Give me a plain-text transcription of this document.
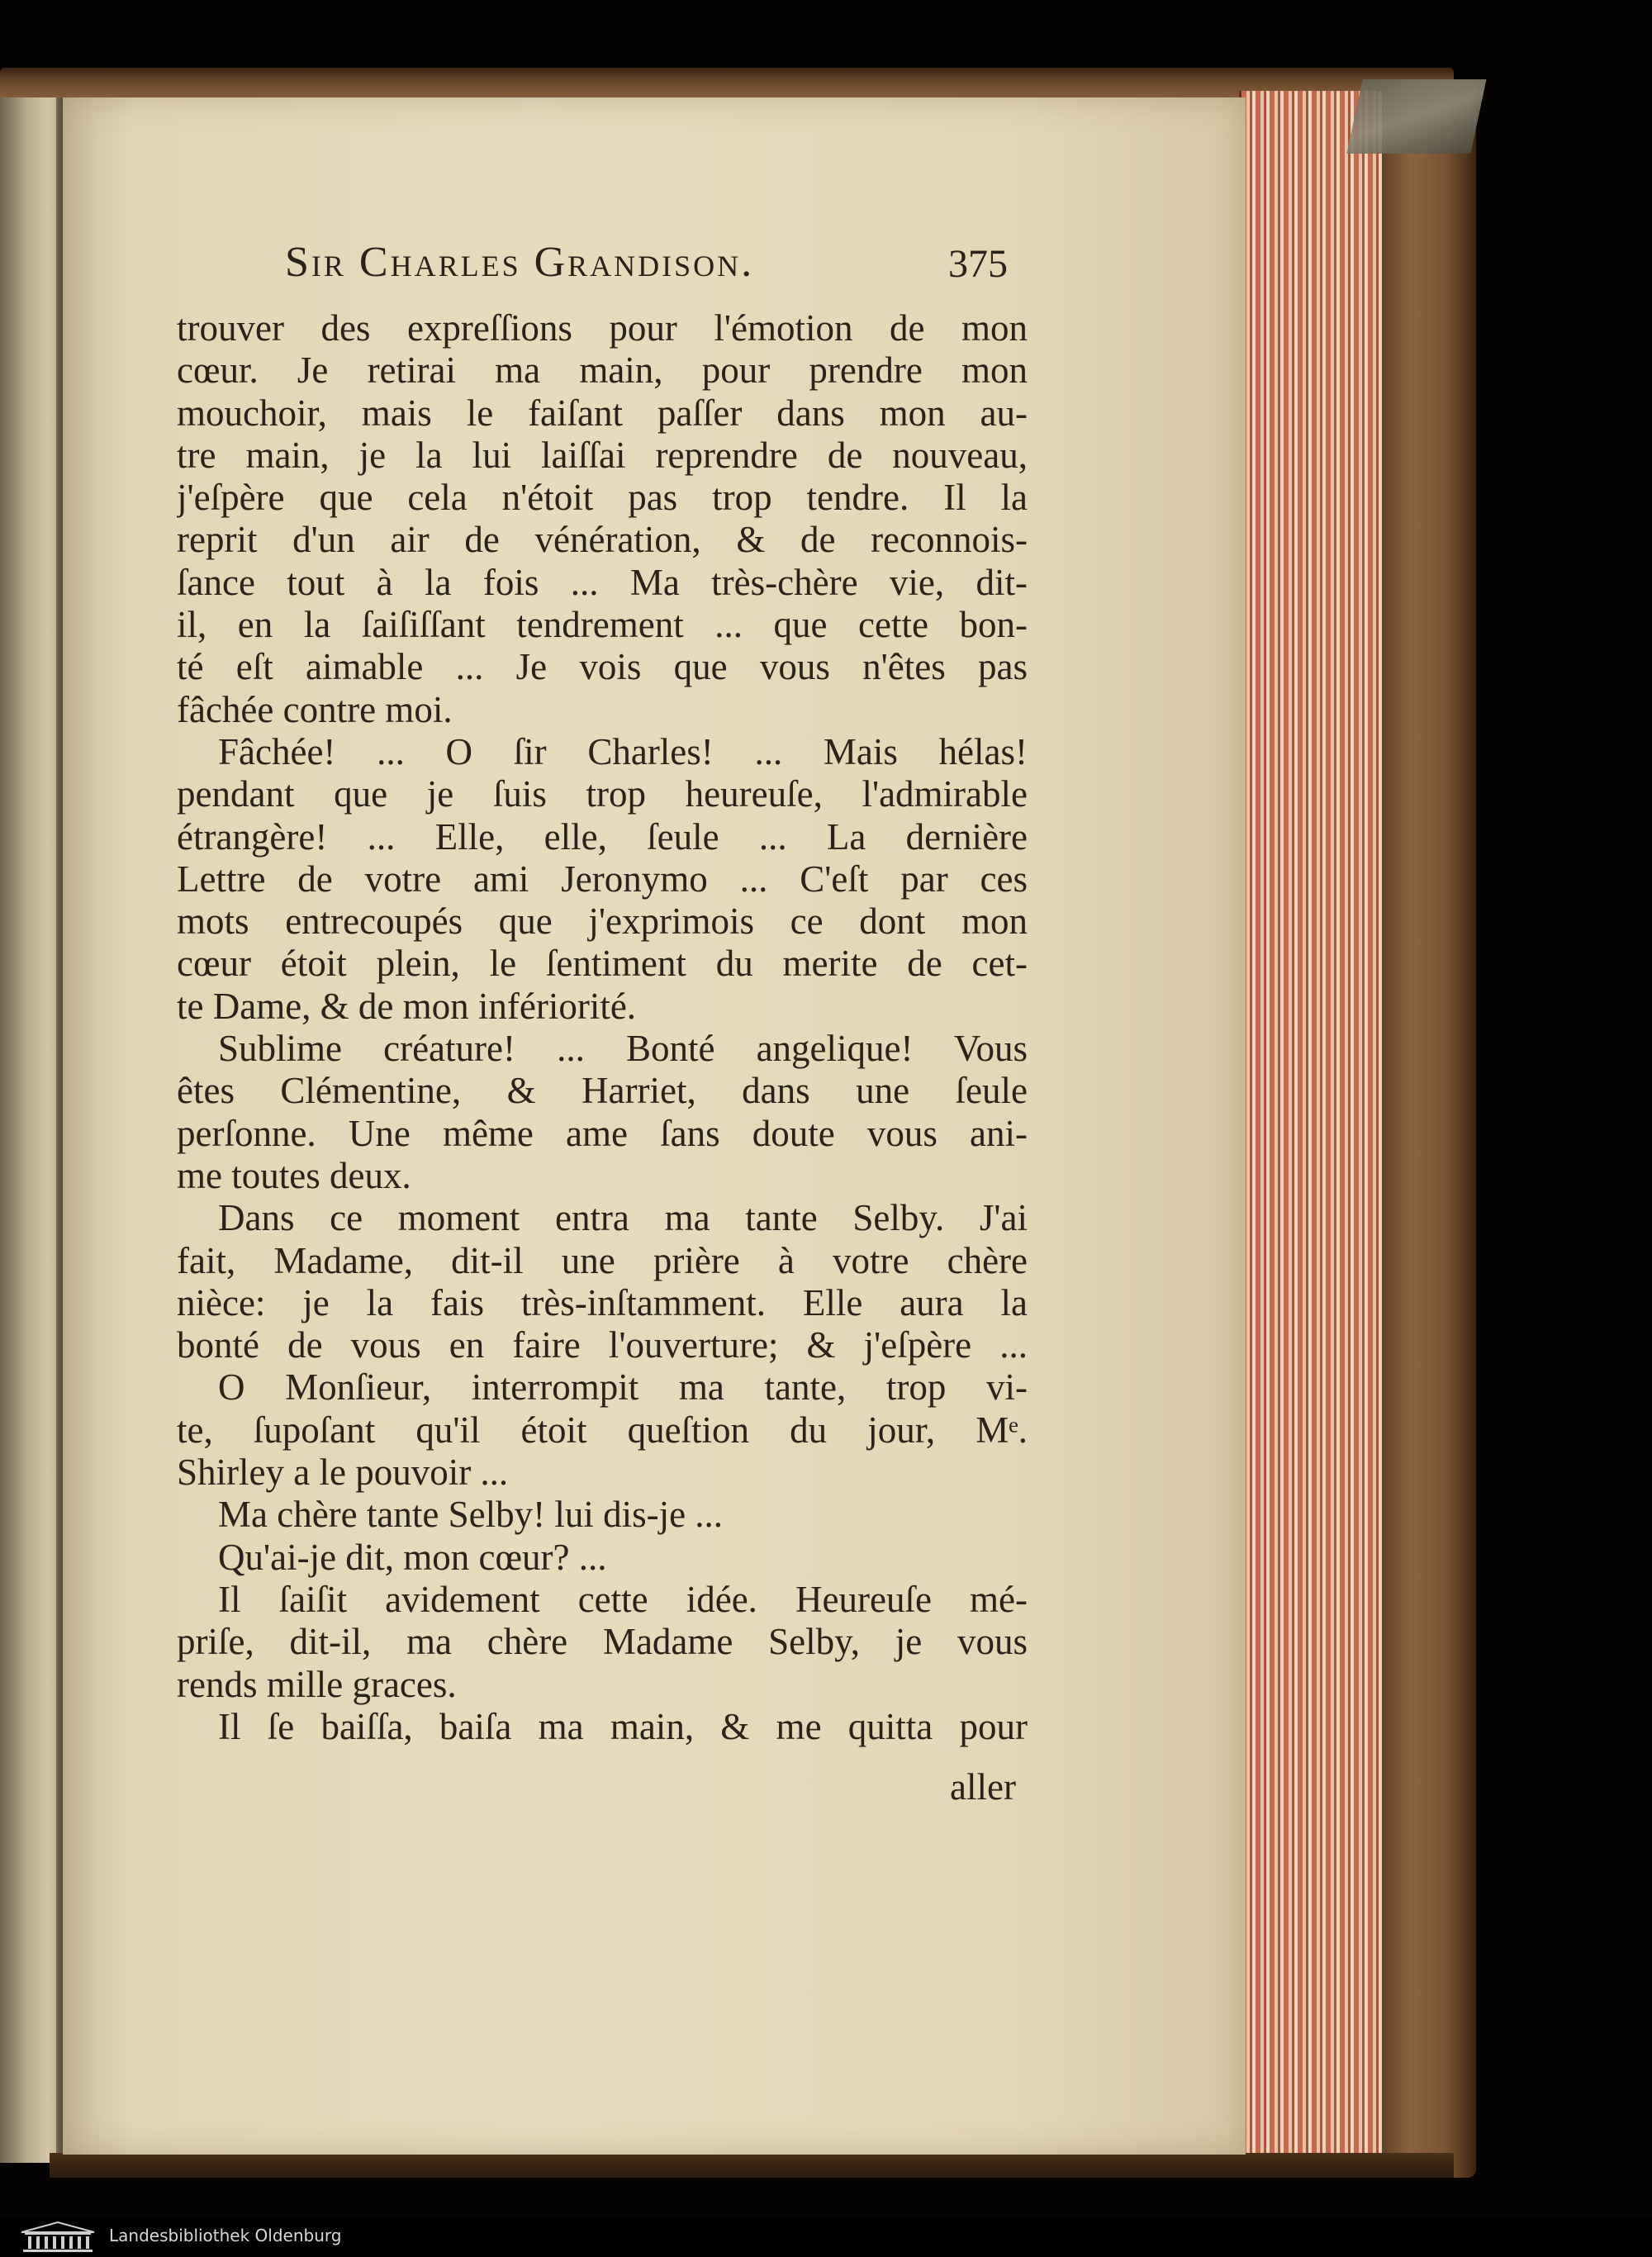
Sir Charles Grandison.	375
trouver des expreſſions pour l'émotion de mon
cœur. Je retirai ma main, pour prendre mon
mouchoir, mais le faiſant paſſer dans mon au-
tre main, je la lui laiſſai reprendre de nouveau,
j'eſpère que cela n'étoit pas trop tendre. Il la
reprit d'un air de vénération, & de reconnois-
ſance tout à la fois ... Ma très-chère vie, dit-
il, en la ſaiſiſſant tendrement ... que cette bon-
té eſt aimable ... Je vois que vous n'êtes pas
fâchée contre moi.
Fâchée! ... O ſir Charles! ... Mais hélas!
pendant que je ſuis trop heureuſe, l'admirable
étrangère! ... Elle, elle, ſeule ... La dernière
Lettre de votre ami Jeronymo ... C'eſt par ces
mots entrecoupés que j'exprimois ce dont mon
cœur étoit plein, le ſentiment du merite de cet-
te Dame, & de mon infériorité.
Sublime créature! ... Bonté angelique! Vous
êtes Clémentine, & Harriet, dans une ſeule
perſonne. Une même ame ſans doute vous ani-
me toutes deux.
Dans ce moment entra ma tante Selby. J'ai
fait, Madame, dit-il une prière à votre chère
nièce: je la fais très-inſtamment. Elle aura la
bonté de vous en faire l'ouverture; & j'eſpère ...
O Monſieur, interrompit ma tante, trop vi-
te, ſupoſant qu'il étoit queſtion du jour, Mᵉ.
Shirley a le pouvoir ...
Ma chère tante Selby! lui dis-je ...
Qu'ai-je dit, mon cœur? ...
Il ſaiſit avidement cette idée. Heureuſe mé-
priſe, dit-il, ma chère Madame Selby, je vous
rends mille graces.
Il ſe baiſſa, baiſa ma main, & me quitta pour
aller
Landesbibliothek Oldenburg
